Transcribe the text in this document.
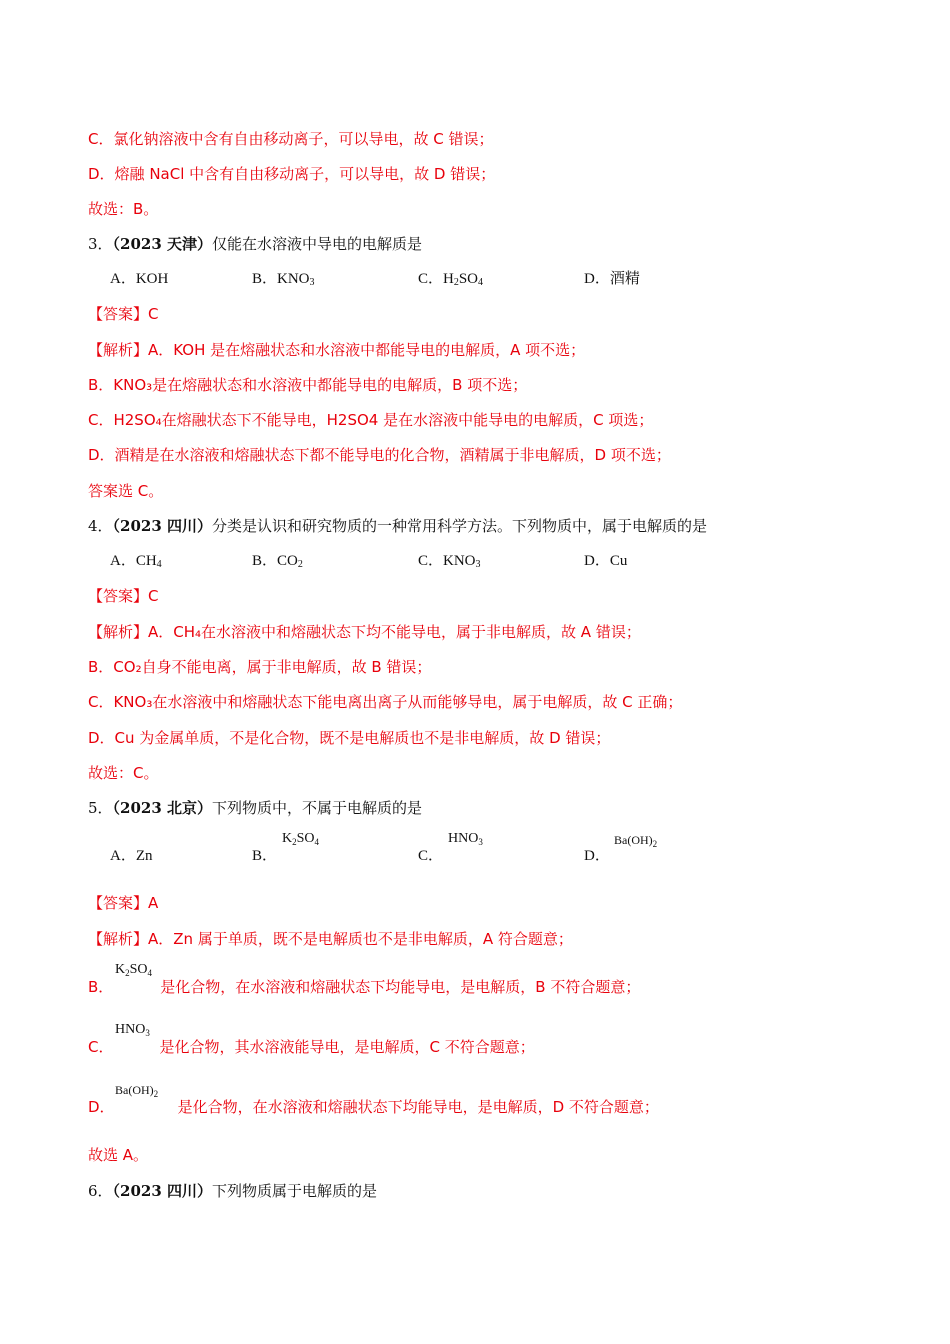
C．氯化钠溶液中含有自由移动离子，可以导电，故 C 错误；
D．熔融 NaCl 中含有自由移动离子，可以导电，故 D 错误；
故选：B。
3．（2023 天津）仅能在水溶液中导电的电解质是
A．KOH	B．$KNO_3$	C．$H_2SO_4$	D．酒精
【答案】C
【解析】A．KOH 是在熔融状态和水溶液中都能导电的电解质，A 项不选；
B．KNO₃是在熔融状态和水溶液中都能导电的电解质，B 项不选；
C．H2SO₄在熔融状态下不能导电，H2SO4 是在水溶液中能导电的电解质，C 项选；
D．酒精是在水溶液和熔融状态下都不能导电的化合物，酒精属于非电解质，D 项不选；
答案选 C。
4．（2023 四川）分类是认识和研究物质的一种常用科学方法。下列物质中，属于电解质的是
A．$CH_4$	B．$CO_2$	C．$KNO_3$	D．Cu
【答案】C
【解析】A．CH₄在水溶液中和熔融状态下均不能导电，属于非电解质，故 A 错误；
B．CO₂自身不能电离，属于非电解质，故 B 错误；
C．KNO₃在水溶液中和熔融状态下能电离出离子从而能够导电，属于电解质，故 C 正确；
D．Cu 为金属单质，不是化合物，既不是电解质也不是非电解质，故 D 错误；
故选：C。
5．（2023 北京）下列物质中，不属于电解质的是
A．Zn	B．
$K_2SO_4$
C．
$HNO_3$
D．
$Ba(OH)_2$
【答案】A
【解析】A．Zn 属于单质，既不是电解质也不是非电解质，A 符合题意；
B．	是化合物，在水溶液和熔融状态下均能导电，是电解质，B 不符合题意；
$K_2SO_4$
C．	是化合物，其水溶液能导电，是电解质，C 不符合题意；
$HNO_3$
D．	是化合物，在水溶液和熔融状态下均能导电，是电解质，D 不符合题意；
$Ba(OH)_2$
故选 A。
6．（2023 四川）下列物质属于电解质的是
